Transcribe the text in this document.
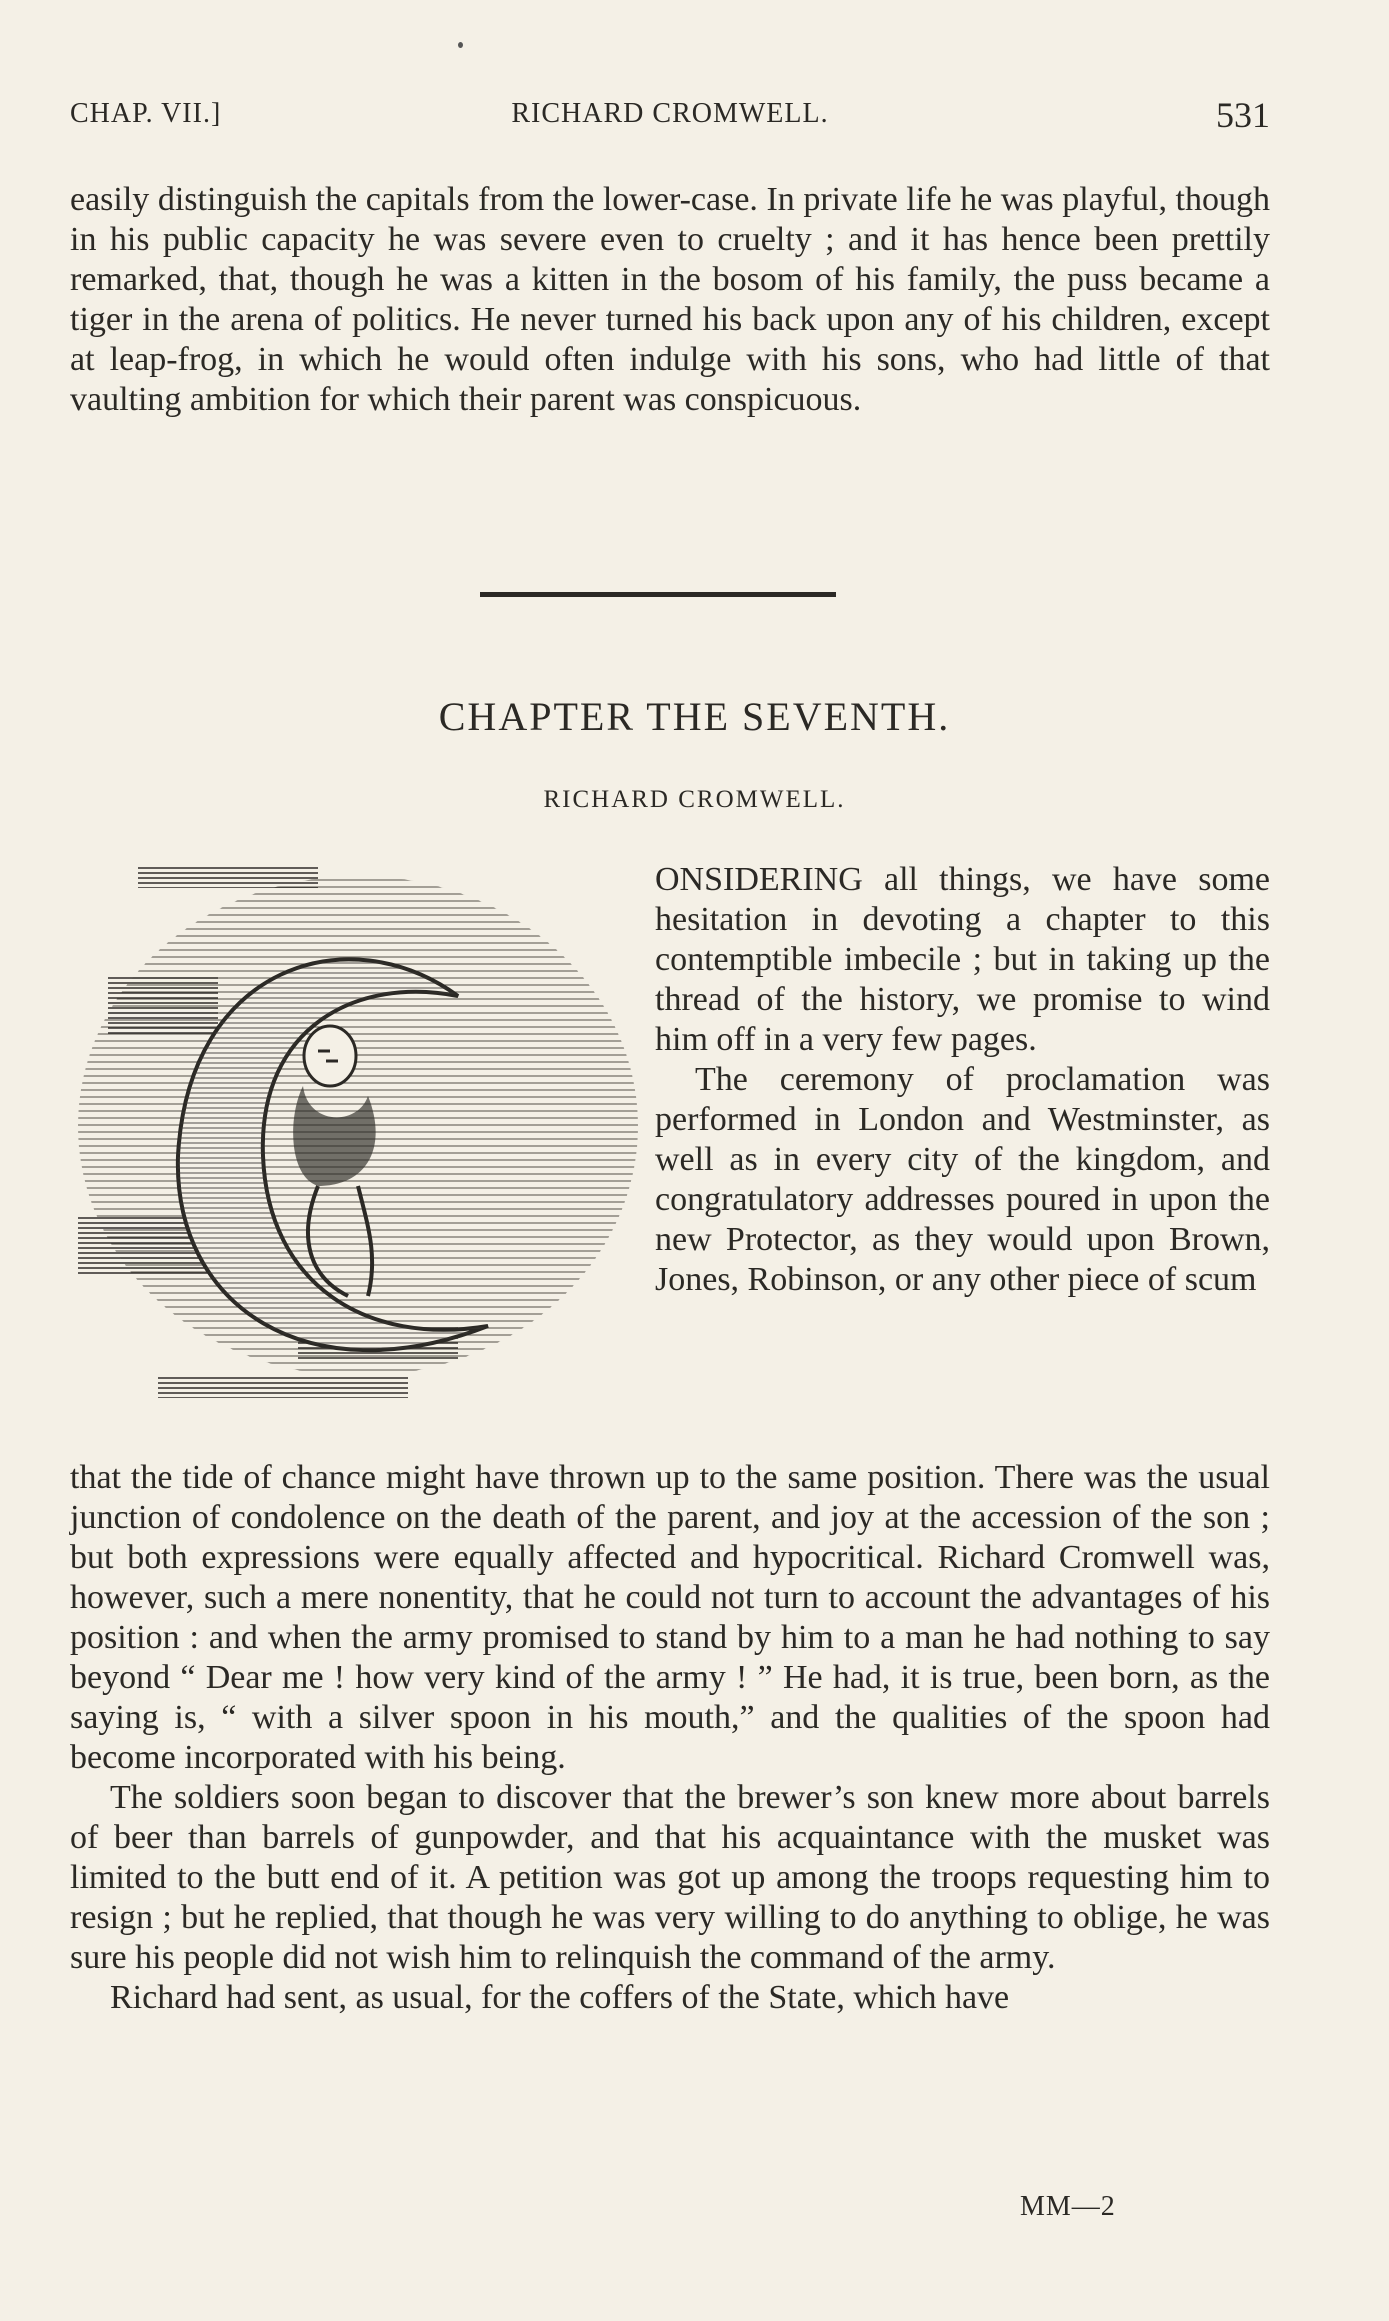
CHAP. VII.]	RICHARD CROMWELL.	531

easily distinguish the capitals from the lower-case. In private life he was playful, though in his public capacity he was severe even to cruelty ; and it has hence been prettily remarked, that, though he was a kitten in the bosom of his family, the puss became a tiger in the arena of politics. He never turned his back upon any of his children, except at leap-frog, in which he would often indulge with his sons, who had little of that vaulting ambition for which their parent was conspicuous.

CHAPTER THE SEVENTH.
RICHARD CROMWELL.

ONSIDERING all things, we have some hesitation in devoting a chapter to this contemptible imbecile ; but in taking up the thread of the history, we promise to wind him off in a very few pages.

The ceremony of proclamation was performed in London and Westminster, as well as in every city of the kingdom, and congratulatory addresses poured in upon the new Protector, as they would upon Brown, Jones, Robinson, or any other piece of scum

that the tide of chance might have thrown up to the same position. There was the usual junction of condolence on the death of the parent, and joy at the accession of the son ; but both expressions were equally affected and hypocritical. Richard Cromwell was, however, such a mere nonentity, that he could not turn to account the advantages of his position : and when the army promised to stand by him to a man he had nothing to say beyond “ Dear me ! how very kind of the army ! ” He had, it is true, been born, as the saying is, “ with a silver spoon in his mouth,” and the qualities of the spoon had become incorporated with his being.

The soldiers soon began to discover that the brewer’s son knew more about barrels of beer than barrels of gunpowder, and that his acquaintance with the musket was limited to the butt end of it. A petition was got up among the troops requesting him to resign ; but he replied, that though he was very willing to do anything to oblige, he was sure his people did not wish him to relinquish the command of the army.

Richard had sent, as usual, for the coffers of the State, which have

MM—2
